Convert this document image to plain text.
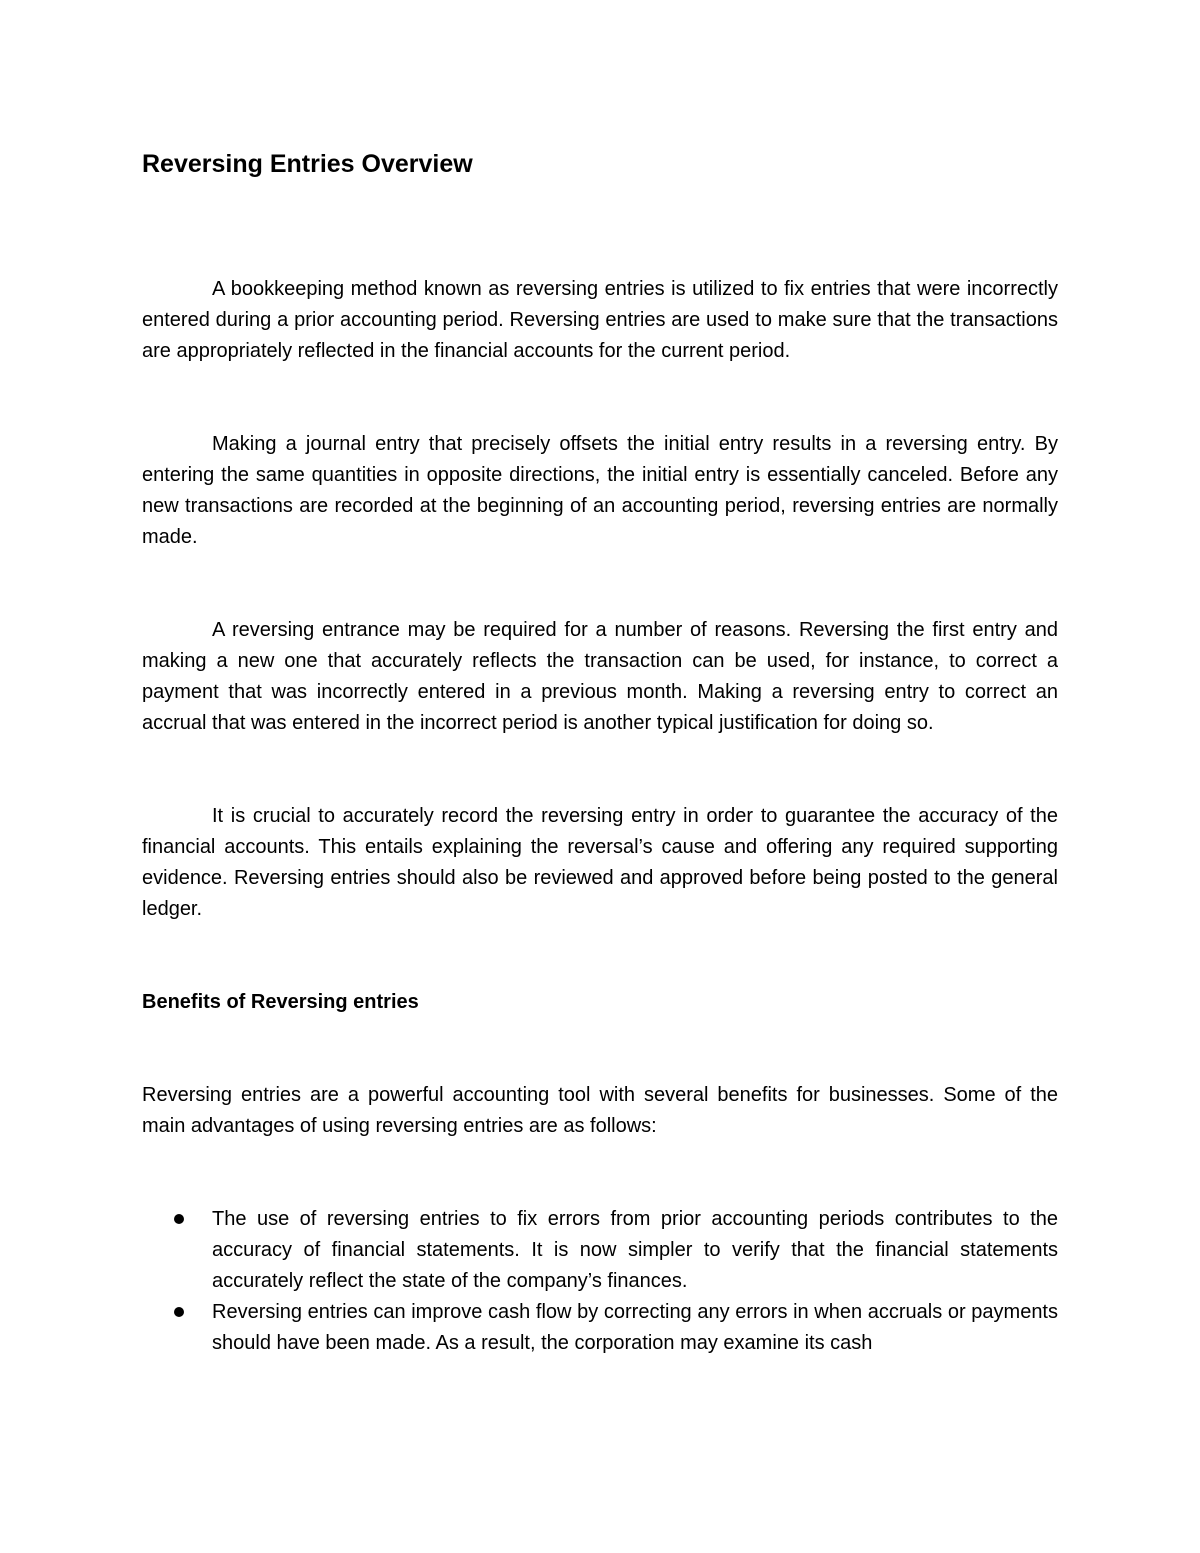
Reversing Entries Overview

A bookkeeping method known as reversing entries is utilized to fix entries that were incorrectly entered during a prior accounting period. Reversing entries are used to make sure that the transactions are appropriately reflected in the financial accounts for the current period.

Making a journal entry that precisely offsets the initial entry results in a reversing entry. By entering the same quantities in opposite directions, the initial entry is essentially canceled. Before any new transactions are recorded at the beginning of an accounting period, reversing entries are normally made.

A reversing entrance may be required for a number of reasons. Reversing the first entry and making a new one that accurately reflects the transaction can be used, for instance, to correct a payment that was incorrectly entered in a previous month. Making a reversing entry to correct an accrual that was entered in the incorrect period is another typical justification for doing so.

It is crucial to accurately record the reversing entry in order to guarantee the accuracy of the financial accounts. This entails explaining the reversal’s cause and offering any required supporting evidence. Reversing entries should also be reviewed and approved before being posted to the general ledger.

Benefits of Reversing entries

Reversing entries are a powerful accounting tool with several benefits for businesses. Some of the main advantages of using reversing entries are as follows:

The use of reversing entries to fix errors from prior accounting periods contributes to the accuracy of financial statements. It is now simpler to verify that the financial statements accurately reflect the state of the company’s finances.
Reversing entries can improve cash flow by correcting any errors in when accruals or payments should have been made. As a result, the corporation may examine its cash
